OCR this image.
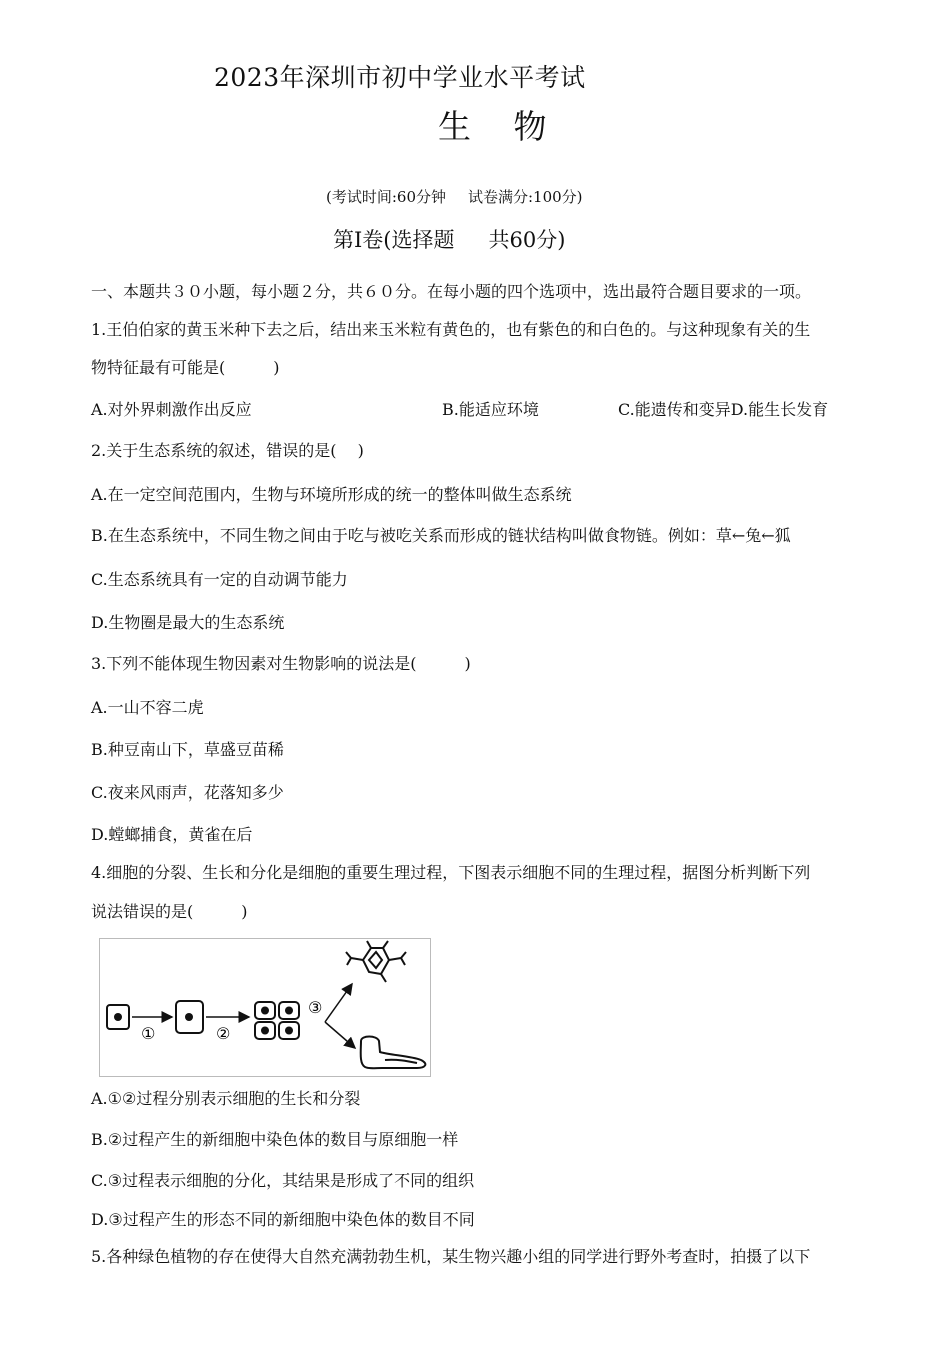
2023年深圳市初中学业水平考试
生 物
(考试时间:60分钟 试卷满分:100分)
第I卷(选择题 共60分)
一、本题共３０小题，每小题２分，共６０分。在每小题的四个选项中，选出最符合题目要求的一项。
1.王伯伯家的黄玉米种下去之后，结出来玉米粒有黄色的，也有紫色的和白色的。与这种现象有关的生
物特征最有可能是(　　　)
A.对外界刺激作出反应	B.能适应环境	C.能遗传和变异D.能生长发育
2.关于生态系统的叙述，错误的是(　 )
A.在一定空间范围内，生物与环境所形成的统一的整体叫做生态系统
B.在生态系统中，不同生物之间由于吃与被吃关系而形成的链状结构叫做食物链。例如：草←兔←狐
C.生态系统具有一定的自动调节能力
D.生物圈是最大的生态系统
3.下列不能体现生物因素对生物影响的说法是(　　　)
A.一山不容二虎
B.种豆南山下，草盛豆苗稀
C.夜来风雨声，花落知多少
D.螳螂捕食，黄雀在后
4.细胞的分裂、生长和分化是细胞的重要生理过程，下图表示细胞不同的生理过程，据图分析判断下列
说法错误的是(　　　)
①	②
③
A.①②过程分别表示细胞的生长和分裂
B.②过程产生的新细胞中染色体的数目与原细胞一样
C.③过程表示细胞的分化，其结果是形成了不同的组织
D.③过程产生的形态不同的新细胞中染色体的数目不同
5.各种绿色植物的存在使得大自然充满勃勃生机，某生物兴趣小组的同学进行野外考查时，拍摄了以下
